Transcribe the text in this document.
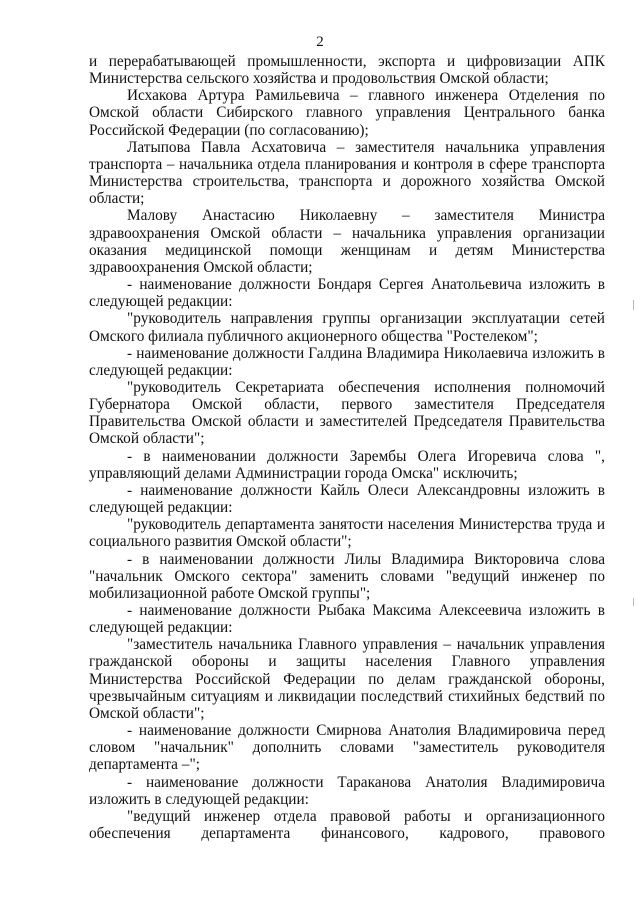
2

и перерабатывающей промышленности, экспорта и цифровизации АПК Министерства сельского хозяйства и продовольствия Омской области;

Исхакова Артура Рамильевича – главного инженера Отделения по Омской области Сибирского главного управления Центрального банка Российской Федерации (по согласованию);

Латыпова Павла Асхатовича – заместителя начальника управления транспорта – начальника отдела планирования и контроля в сфере транспорта Министерства строительства, транспорта и дорожного хозяйства Омской области;

Малову Анастасию Николаевну – заместителя Министра здравоохранения Омской области – начальника управления организации оказания медицинской помощи женщинам и детям Министерства здравоохранения Омской области;

- наименование должности Бондаря Сергея Анатольевича изложить в следующей редакции:

"руководитель направления группы организации эксплуатации сетей Омского филиала публичного акционерного общества "Ростелеком";

- наименование должности Галдина Владимира Николаевича изложить в следующей редакции:

"руководитель Секретариата обеспечения исполнения полномочий Губернатора Омской области, первого заместителя Председателя Правительства Омской области и заместителей Председателя Правительства Омской области";

- в наименовании должности Зарембы Олега Игоревича слова ", управляющий делами Администрации города Омска" исключить;

- наименование должности Кайль Олеси Александровны изложить в следующей редакции:

"руководитель департамента занятости населения Министерства труда и социального развития Омской области";

- в наименовании должности Лилы Владимира Викторовича слова "начальник Омского сектора" заменить словами "ведущий инженер по мобилизационной работе Омской группы";

- наименование должности Рыбака Максима Алексеевича изложить в следующей редакции:

"заместитель начальника Главного управления – начальник управления гражданской обороны и защиты населения Главного управления Министерства Российской Федерации по делам гражданской обороны, чрезвычайным ситуациям и ликвидации последствий стихийных бедствий по Омской области";

- наименование должности Смирнова Анатолия Владимировича перед словом "начальник" дополнить словами "заместитель руководителя департамента –";

- наименование должности Тараканова Анатолия Владимировича изложить в следующей редакции:

"ведущий инженер отдела правовой работы и организационного обеспечения департамента финансового, кадрового, правового
